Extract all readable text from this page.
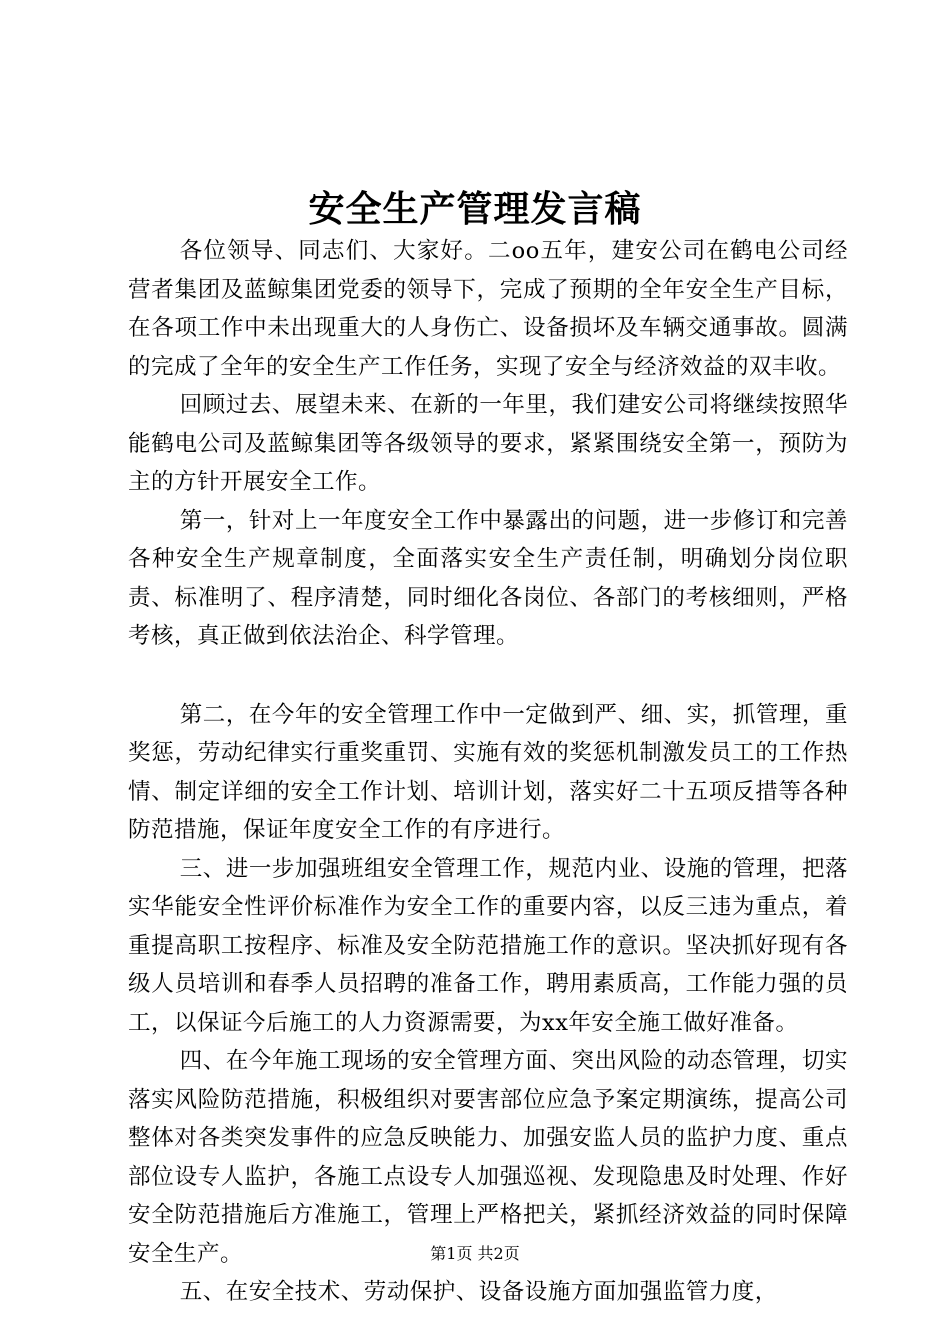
安全生产管理发言稿

各位领导、同志们、大家好。二oo五年，建安公司在鹤电公司经营者集团及蓝鲸集团党委的领导下，完成了预期的全年安全生产目标，在各项工作中未出现重大的人身伤亡、设备损坏及车辆交通事故。圆满的完成了全年的安全生产工作任务，实现了安全与经济效益的双丰收。

回顾过去、展望未来、在新的一年里，我们建安公司将继续按照华能鹤电公司及蓝鲸集团等各级领导的要求，紧紧围绕安全第一，预防为主的方针开展安全工作。

第一，针对上一年度安全工作中暴露出的问题，进一步修订和完善各种安全生产规章制度，全面落实安全生产责任制，明确划分岗位职责、标准明了、程序清楚，同时细化各岗位、各部门的考核细则，严格考核，真正做到依法治企、科学管理。

第二，在今年的安全管理工作中一定做到严、细、实，抓管理，重奖惩，劳动纪律实行重奖重罚、实施有效的奖惩机制激发员工的工作热情、制定详细的安全工作计划、培训计划，落实好二十五项反措等各种防范措施，保证年度安全工作的有序进行。

三、进一步加强班组安全管理工作，规范内业、设施的管理，把落实华能安全性评价标准作为安全工作的重要内容，以反三违为重点，着重提高职工按程序、标准及安全防范措施工作的意识。坚决抓好现有各级人员培训和春季人员招聘的准备工作，聘用素质高，工作能力强的员工，以保证今后施工的人力资源需要，为xx年安全施工做好准备。

四、在今年施工现场的安全管理方面、突出风险的动态管理，切实落实风险防范措施，积极组织对要害部位应急予案定期演练，提高公司整体对各类突发事件的应急反映能力、加强安监人员的监护力度、重点部位设专人监护，各施工点设专人加强巡视、发现隐患及时处理、作好安全防范措施后方准施工，管理上严格把关，紧抓经济效益的同时保障安全生产。

五、在安全技术、劳动保护、设备设施方面加强监管力度，

第1页 共2页
